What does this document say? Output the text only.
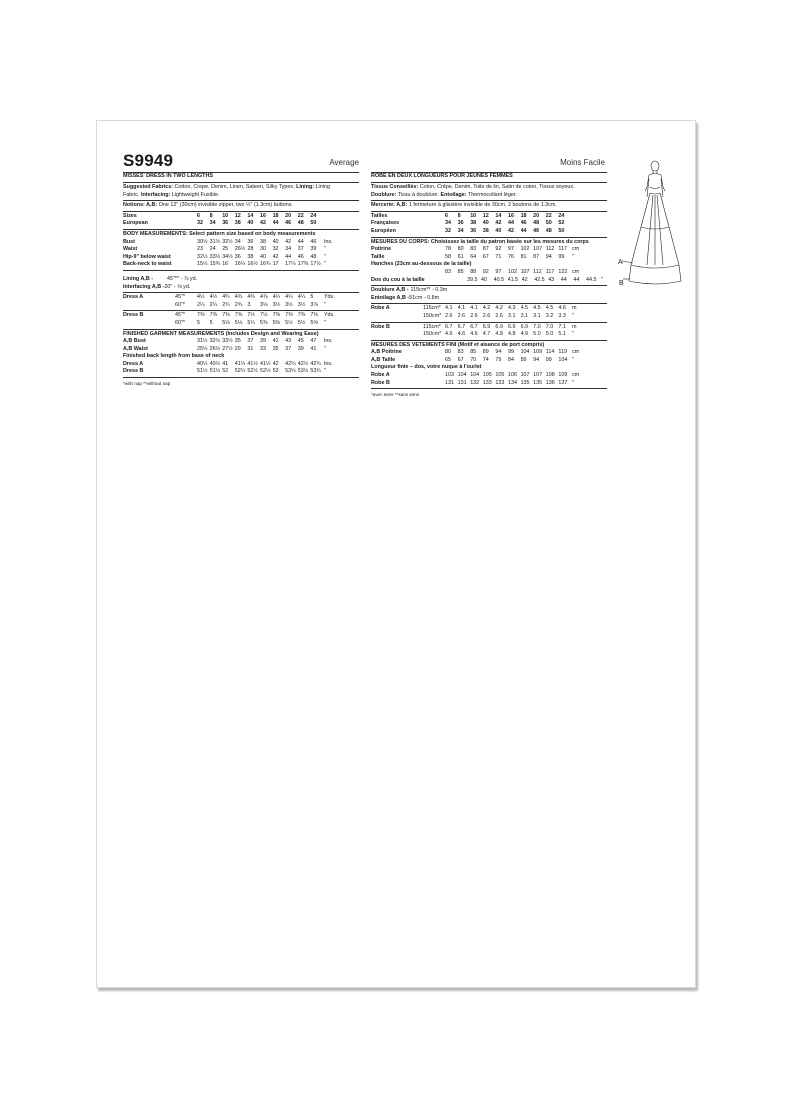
S9949	Average
MISSES' DRESS IN TWO LENGTHS
Suggested Fabrics: Cotton, Crepe, Denim, Linen, Sateen, Silky Types. Lining: Lining
Fabric. Interfacing: Lightweight Fusible.
Notions: A,B: One 12" (30cm) invisible zipper, two ½" (1.3cm) buttons.
Sizes	6	8	10	12	14	16	18	20	22	24
European	32	34	36	38	40	42	44	46	48	50
BODY MEASUREMENTS: Select pattern size based on body measurements
Bust	30½ 31½ 32½ 34	36	38	40	42	44	46	Ins.
Waist	23	24	25	26½ 28	30	32	34	37	39	"
Hip-9" below waist	32½ 33½ 34½ 36	38	40	42	44	46	48	"
Back-neck to waist	15½ 15¾ 16	16¼ 16½ 16¾ 17	17¼ 17⅜ 17½ "
Lining A,B -	45"** - ⅞ yd.
Interfacing A,B - 20" - ⅛ yd.
Dress A	45"*	4½ 4½ 4¾ 4¾ 4¾ 4⅞ 4¼ 4¼ 4¼ 5	Yds.
60"*	2¼ 2¼ 2¾ 2¾ 3	3⅛ 3½ 3½ 3½ 3⅞	"
Dress B	45"*	7⅜ 7⅜ 7⅜ 7⅜ 7½ 7½ 7⅜ 7⅜ 7⅜ 7⅜	Yds.
60"*	5	5	5⅛ 5⅛ 5¼ 5⅜ 5⅜ 5½ 5½ 5⅝	"
FINISHED GARMENT MEASUREMENTS (Includes Design and Wearing Ease)
A,B Bust	31½ 32½ 33½ 35	37	39	41	43	45	47	Ins.
A,B Waist	25½ 26½ 27½ 29	31	33	35	37	39	41	"
Finished back length from base of neck
Dress A	40½ 40½ 41	41¼ 41½ 41½ 42	42¼ 42½ 42¾ Ins.
Dress B	51½ 51½ 52	52¼ 52½ 52½ 53	53¼ 53½ 53¾ "
*with nap **without nap
Moins Facile
ROBE EN DEUX LONGUEURS POUR JEUNES FEMMES
Tissus Conseillés: Coton, Crêpe, Denim, Toile de lin, Satin de coton, Tissus soyeux.
Doublure: Tissu à doublure. Entoilage: Thermocollant léger.
Mercerie: A,B: 1 fermeture à glissière invisible de 30cm, 2 boutons de 1.3cm.
Tailles	6	8	10	12	14	16	18	20	22	24
Françaises	34	36	38	40	42	44	46	48	50	52
Européen	32	34	36	38	40	42	44	46	48	50
MESURES DU CORPS: Choisissez la taille du patron basée sur les mesures du corps
Poitrine	78	80	83	87	92	97	102 107 112 117 cm
Taille	58	61	64	67	71	76	81	87	94	99	"
Hanches (23cm au-dessous de la taille)
83	85	88	92	97	102 107 112 117 122 cm
Dos du cou à la taille	39.5 40	40.5 41.5 42	42.5 43	44	44	44.5 "
Doublure A,B - 115cm** - 0.3m
Entoilage A,B - 51cm - 0.8m
Robe A	115cm* 4.1 4.1 4.1 4.2 4.2 4.3 4.5 4.5 4.5 4.6	m
150cm* 2.6 2.6 2.6 2.6 2.6 3.1 3.1 3.1 3.2 3.3	"
Robe B	115cm* 6.7 6.7 6.7 6.9 6.9 6.9 6.9 7.0 7.0 7.1	m
150cm* 4.6 4.6 4.6 4.7 4.8 4.8 4.9 5.0 5.0 5.1	"
MESURES DES VÊTEMENTS FINI (Motif et aisance de port compris)
A,B Poitrine	80	83	85	89	94	99	104 109 114 119 cm
A,B Taille	65	67	70	74	79	84	89	94	99	104 "
Longueur finie – dos, votre nuque à l'ourlet
Robe A	103 104 104 105 105 106 107 107 108 109 cm
Robe B	131 131 132 133 133 134 135 135 136 137 "
*avec sens **sans sens
A
B
